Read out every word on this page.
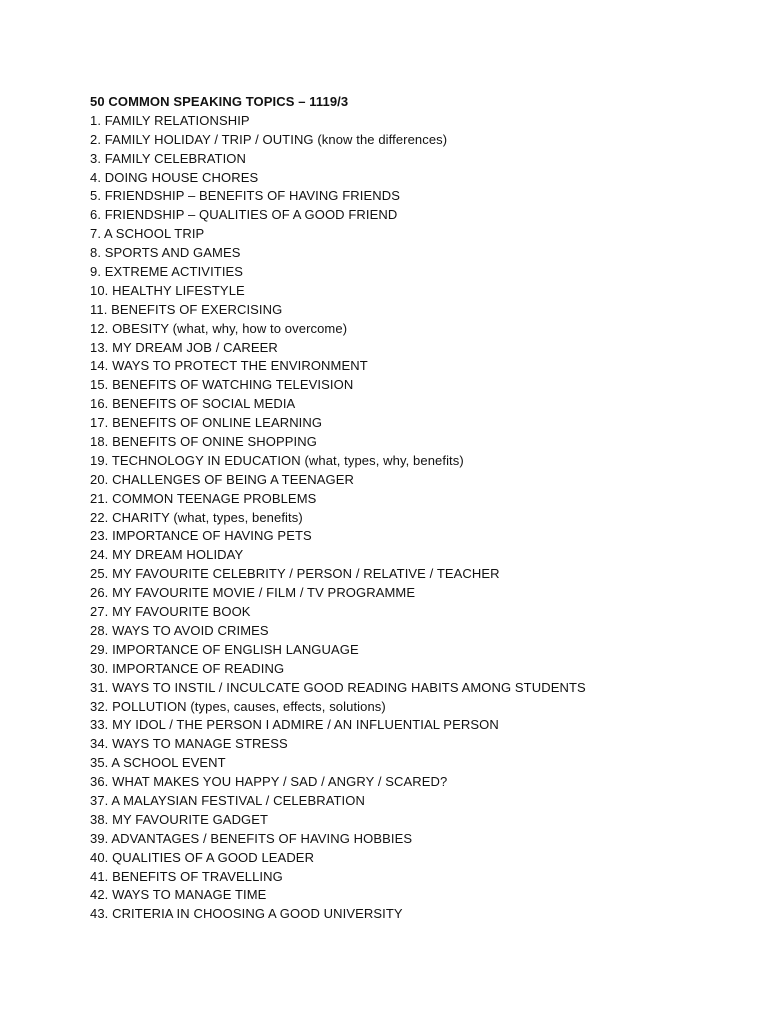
50 COMMON SPEAKING TOPICS – 1119/3
1. FAMILY RELATIONSHIP
2. FAMILY HOLIDAY / TRIP / OUTING (know the differences)
3. FAMILY CELEBRATION
4. DOING HOUSE CHORES
5. FRIENDSHIP – BENEFITS OF HAVING FRIENDS
6. FRIENDSHIP – QUALITIES OF A GOOD FRIEND
7. A SCHOOL TRIP
8. SPORTS AND GAMES
9. EXTREME ACTIVITIES
10. HEALTHY LIFESTYLE
11. BENEFITS OF EXERCISING
12. OBESITY (what, why, how to overcome)
13. MY DREAM JOB / CAREER
14. WAYS TO PROTECT THE ENVIRONMENT
15. BENEFITS OF WATCHING TELEVISION
16. BENEFITS OF SOCIAL MEDIA
17. BENEFITS OF ONLINE LEARNING
18. BENEFITS OF ONINE SHOPPING
19. TECHNOLOGY IN EDUCATION (what, types, why, benefits)
20. CHALLENGES OF BEING A TEENAGER
21. COMMON TEENAGE PROBLEMS
22. CHARITY (what, types, benefits)
23. IMPORTANCE OF HAVING PETS
24. MY DREAM HOLIDAY
25. MY FAVOURITE CELEBRITY / PERSON / RELATIVE / TEACHER
26. MY FAVOURITE MOVIE / FILM / TV PROGRAMME
27. MY FAVOURITE BOOK
28. WAYS TO AVOID CRIMES
29. IMPORTANCE OF ENGLISH LANGUAGE
30. IMPORTANCE OF READING
31. WAYS TO INSTIL / INCULCATE GOOD READING HABITS AMONG STUDENTS
32. POLLUTION (types, causes, effects, solutions)
33. MY IDOL / THE PERSON I ADMIRE / AN INFLUENTIAL PERSON
34. WAYS TO MANAGE STRESS
35. A SCHOOL EVENT
36. WHAT MAKES YOU HAPPY / SAD / ANGRY / SCARED?
37. A MALAYSIAN FESTIVAL / CELEBRATION
38. MY FAVOURITE GADGET
39. ADVANTAGES / BENEFITS OF HAVING HOBBIES
40. QUALITIES OF A GOOD LEADER
41. BENEFITS OF TRAVELLING
42. WAYS TO MANAGE TIME
43. CRITERIA IN CHOOSING A GOOD UNIVERSITY
